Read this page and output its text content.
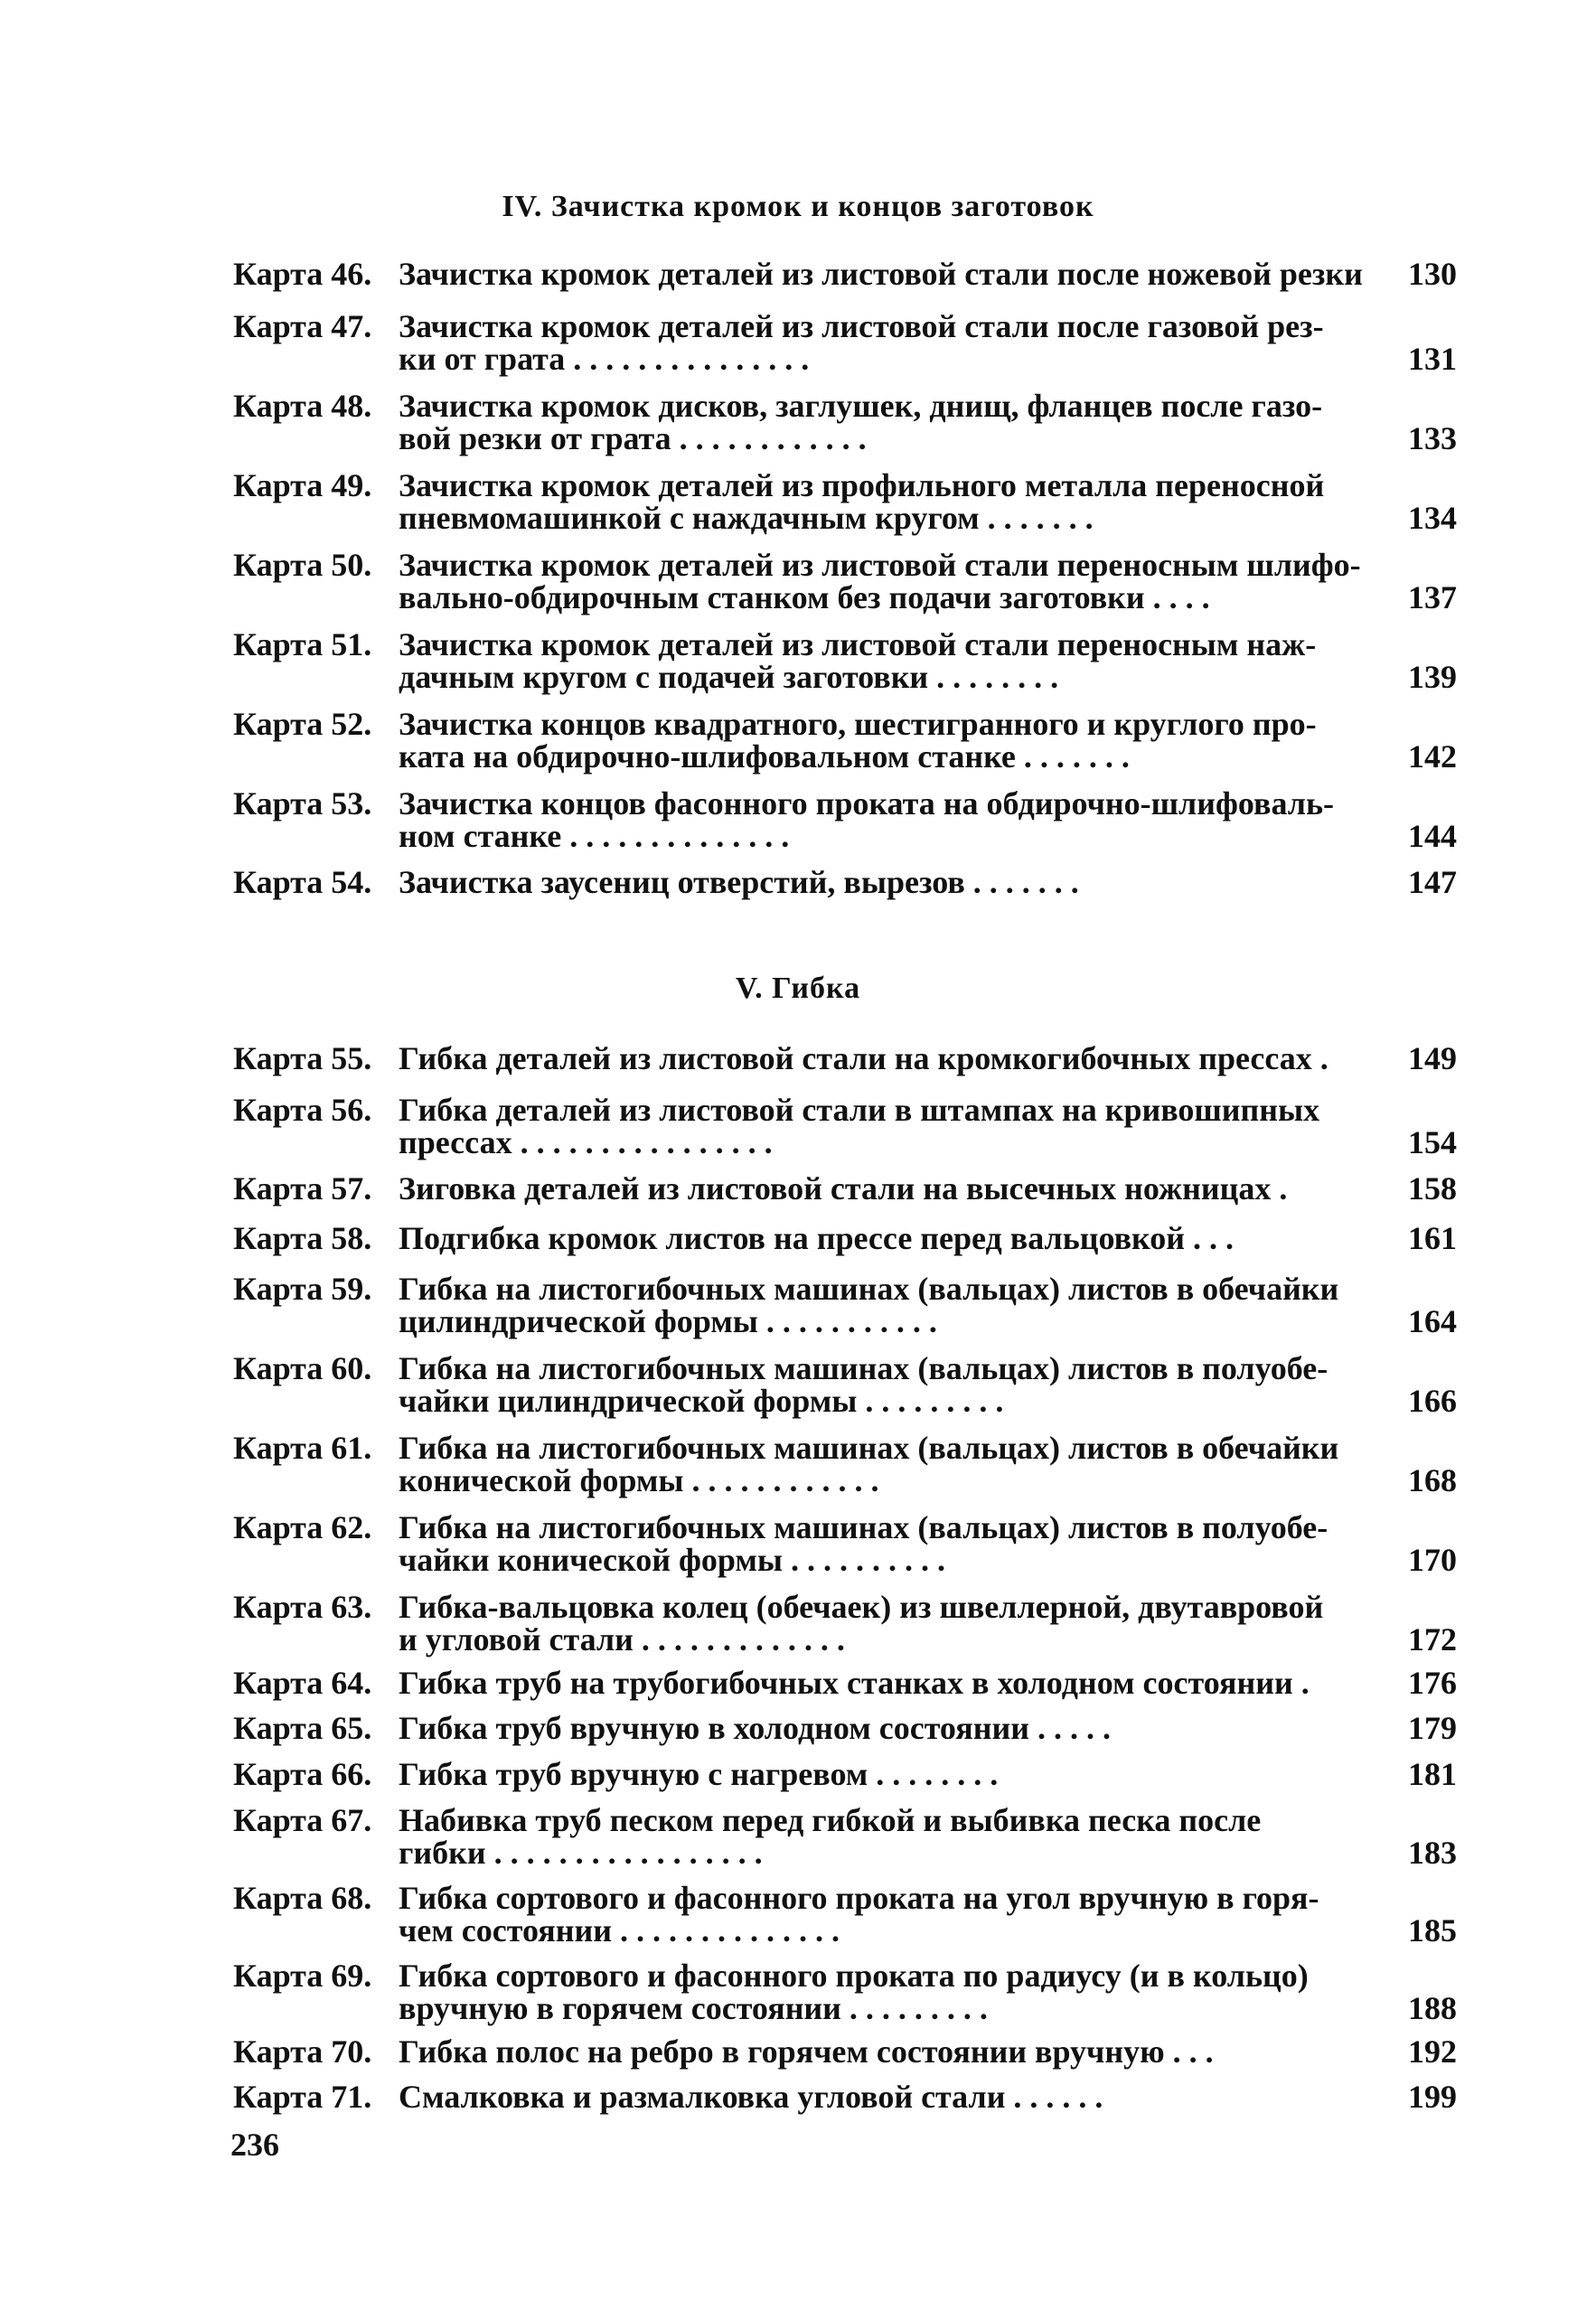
IV. Зачистка кромок и концов заготовок
Карта 46. Зачистка кромок деталей из листовой стали после ножевой резки	130
Карта 47. Зачистка кромок деталей из листовой стали после газовой рез-
ки от грата . . . . . . . . . . . . . . .	131
Карта 48. Зачистка кромок дисков, заглушек, днищ, фланцев после газо-
вой резки от грата . . . . . . . . . . . .	133
Карта 49. Зачистка кромок деталей из профильного металла переносной
пневмомашинкой с наждачным кругом . . . . . . .	134
Карта 50. Зачистка кромок деталей из листовой стали переносным шлифо-
вально-обдирочным станком без подачи заготовки . . . .	137
Карта 51. Зачистка кромок деталей из листовой стали переносным наж-
дачным кругом с подачей заготовки . . . . . . . .	139
Карта 52. Зачистка концов квадратного, шестигранного и круглого про-
ката на обдирочно-шлифовальном станке . . . . . . .	142
Карта 53. Зачистка концов фасонного проката на обдирочно-шлифоваль-
ном станке . . . . . . . . . . . . . .	144
Карта 54. Зачистка заусениц отверстий, вырезов . . . . . . .	147
V. Гибка
Карта 55. Гибка деталей из листовой стали на кромкогибочных прессах .	149
Карта 56. Гибка деталей из листовой стали в штампах на кривошипных
прессах . . . . . . . . . . . . . . . .	154
Карта 57. Зиговка деталей из листовой стали на высечных ножницах .	158
Карта 58. Подгибка кромок листов на прессе перед вальцовкой . . .	161
Карта 59. Гибка на листогибочных машинах (вальцах) листов в обечайки
цилиндрической формы . . . . . . . . . . .	164
Карта 60. Гибка на листогибочных машинах (вальцах) листов в полуобе-
чайки цилиндрической формы . . . . . . . . .	166
Карта 61. Гибка на листогибочных машинах (вальцах) листов в обечайки
конической формы . . . . . . . . . . . .	168
Карта 62. Гибка на листогибочных машинах (вальцах) листов в полуобе-
чайки конической формы . . . . . . . . . .	170
Карта 63. Гибка-вальцовка колец (обечаек) из швеллерной, двутавровой
и угловой стали . . . . . . . . . . . . .	172
Карта 64. Гибка труб на трубогибочных станках в холодном состоянии .	176
Карта 65. Гибка труб вручную в холодном состоянии . . . . .	179
Карта 66. Гибка труб вручную с нагревом . . . . . . . .	181
Карта 67. Набивка труб песком перед гибкой и выбивка песка после
гибки . . . . . . . . . . . . . . . . .	183
Карта 68. Гибка сортового и фасонного проката на угол вручную в горя-
чем состоянии . . . . . . . . . . . . . .	185
Карта 69. Гибка сортового и фасонного проката по радиусу (и в кольцо)
вручную в горячем состоянии . . . . . . . . .	188
Карта 70. Гибка полос на ребро в горячем состоянии вручную . . .	192
Карта 71. Смалковка и размалковка угловой стали . . . . . .	199
236
